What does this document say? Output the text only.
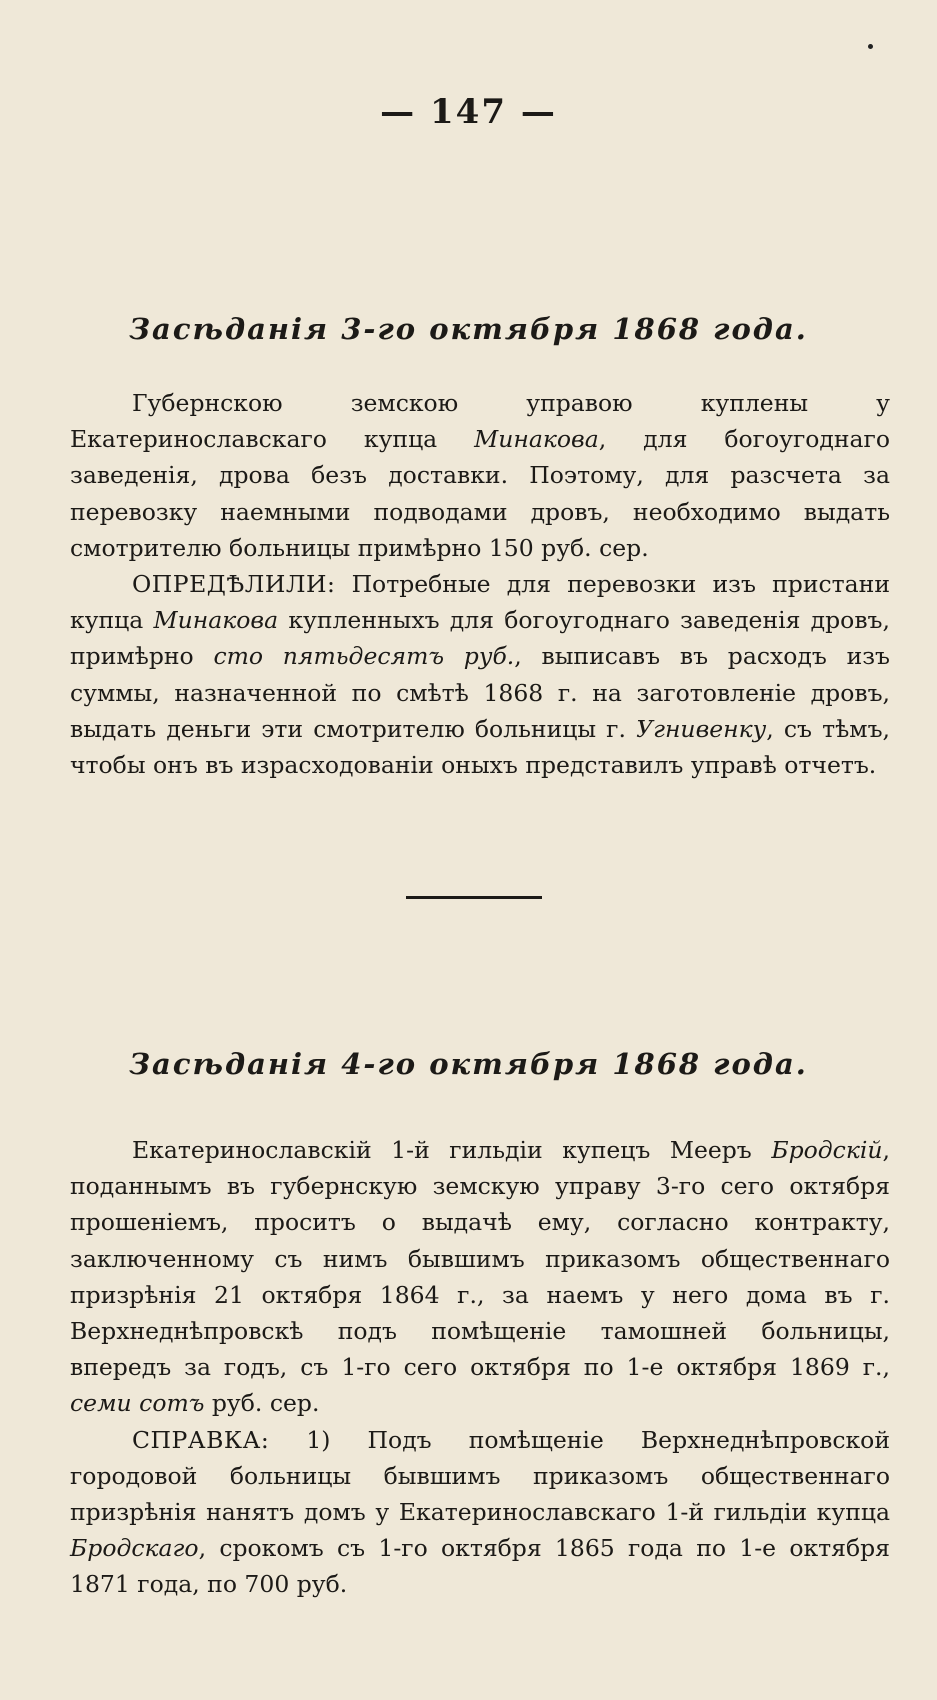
— 147 —
Засѣданія 3-го октября 1868 года.

Губернскою земскою управою куплены у Екатеринославскаго купца Минакова, для богоугоднаго заведенія, дрова безъ доставки. Поэтому, для разсчета за перевозку наемными подводами дровъ, необходимо выдать смотрителю больницы примѣрно 150 руб. сер.

ОПРЕДѢЛИЛИ: Потребные для перевозки изъ пристани купца Минакова купленныхъ для богоугоднаго заведенія дровъ, примѣрно сто пятьдесятъ руб., выписавъ въ расходъ изъ суммы, назначенной по смѣтѣ 1868 г. на заготовленіе дровъ, выдать деньги эти смотрителю больницы г. Угнивенку, съ тѣмъ, чтобы онъ въ израсходованіи оныхъ представилъ управѣ отчетъ.

Засѣданія 4-го октября 1868 года.

Екатеринославскій 1-й гильдіи купецъ Мееръ Бродскій, поданнымъ въ губернскую земскую управу 3-го сего октября прошеніемъ, проситъ о выдачѣ ему, согласно контракту, заключенному съ нимъ бывшимъ приказомъ общественнаго призрѣнія 21 октября 1864 г., за наемъ у него дома въ г. Верхнеднѣпровскѣ подъ помѣщеніе тамошней больницы, впередъ за годъ, съ 1-го сего октября по 1-е октября 1869 г., семи сотъ руб. сер.

СПРАВКА: 1) Подъ помѣщеніе Верхнеднѣпровской городовой больницы бывшимъ приказомъ общественнаго призрѣнія нанятъ домъ у Екатеринославскаго 1-й гильдіи купца Бродскаго, срокомъ съ 1-го октября 1865 года по 1-е октября 1871 года, по 700 руб.
